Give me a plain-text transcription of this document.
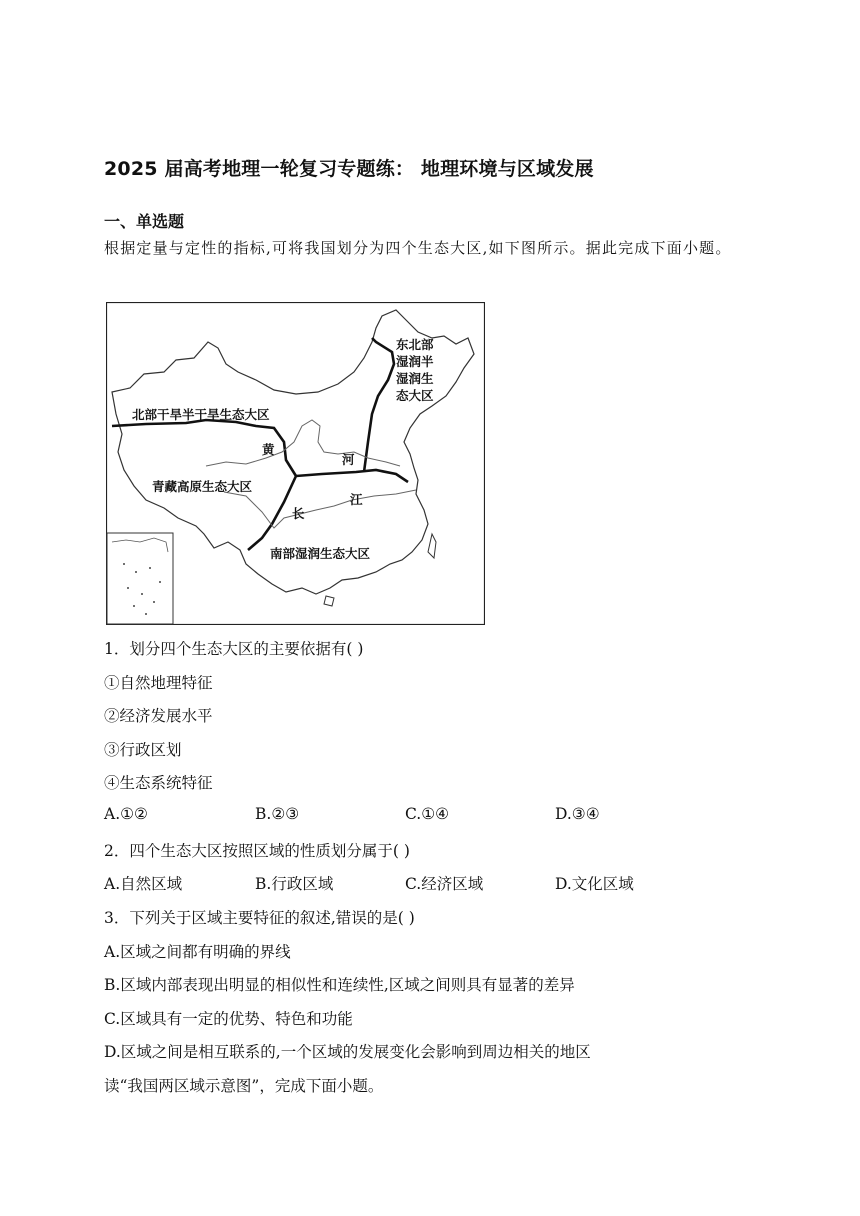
2025 届高考地理一轮复习专题练： 地理环境与区域发展
一、单选题
根据定量与定性的指标,可将我国划分为四个生态大区,如下图所示。据此完成下面小题。
东北部
湿润半
湿润生
态大区
北部干旱半干旱生态大区
青藏高原生态大区
南部湿润生态大区
黄
河
长
江
1．划分四个生态大区的主要依据有( )
①自然地理特征
②经济发展水平
③行政区划
④生态系统特征
A.①②	B.②③	C.①④	D.③④
2．四个生态大区按照区域的性质划分属于( )
A.自然区域	B.行政区域	C.经济区域	D.文化区域
3．下列关于区域主要特征的叙述,错误的是( )
A.区域之间都有明确的界线
B.区域内部表现出明显的相似性和连续性,区域之间则具有显著的差异
C.区域具有一定的优势、特色和功能
D.区域之间是相互联系的,一个区域的发展变化会影响到周边相关的地区
读“我国两区域示意图”，完成下面小题。
